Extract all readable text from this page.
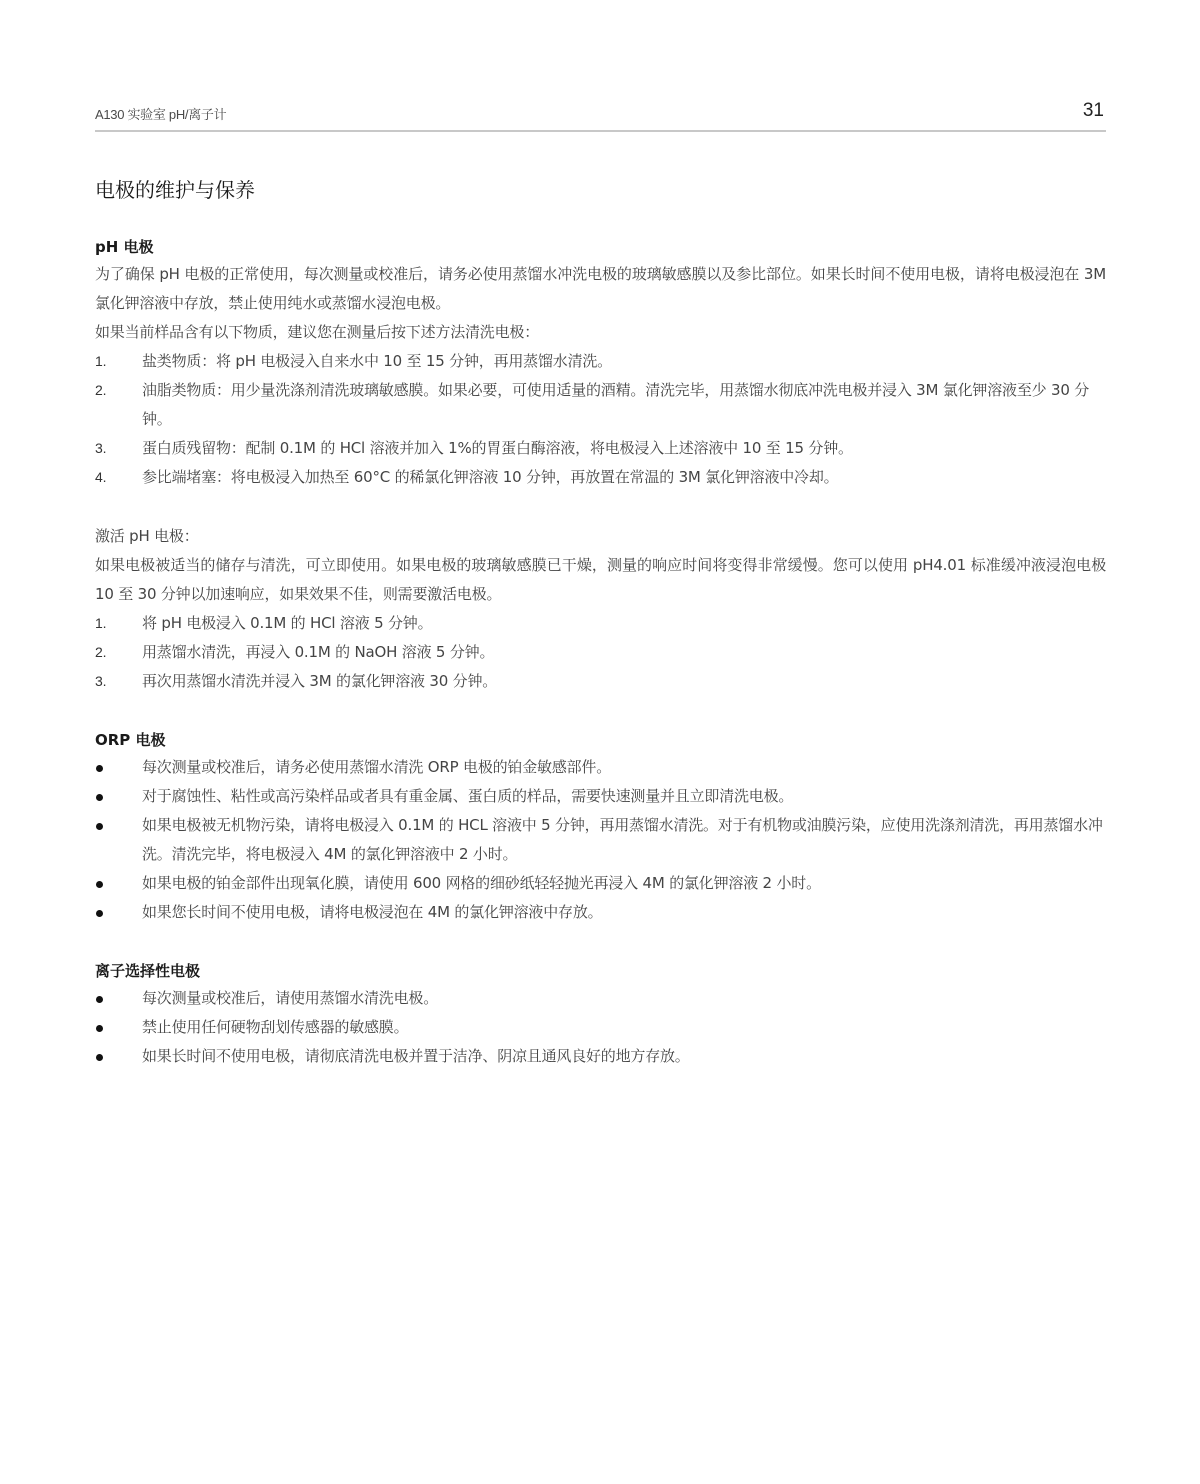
A130 实验室 pH/离子计	31
电极的维护与保养
pH 电极

为了确保 pH 电极的正常使用，每次测量或校准后，请务必使用蒸馏水冲洗电极的玻璃敏感膜以及参比部位。如果长时间不使用电极，请将电极浸泡在 3M 氯化钾溶液中存放，禁止使用纯水或蒸馏水浸泡电极。

如果当前样品含有以下物质，建议您在测量后按下述方法清洗电极：

1.	盐类物质：将 pH 电极浸入自来水中 10 至 15 分钟，再用蒸馏水清洗。
2.	油脂类物质：用少量洗涤剂清洗玻璃敏感膜。如果必要，可使用适量的酒精。清洗完毕，用蒸馏水彻底冲洗电极并浸入 3M 氯化钾溶液至少 30 分钟。
3.	蛋白质残留物：配制 0.1M 的 HCl 溶液并加入 1%的胃蛋白酶溶液，将电极浸入上述溶液中 10 至 15 分钟。
4.	参比端堵塞：将电极浸入加热至 60°C 的稀氯化钾溶液 10 分钟，再放置在常温的 3M 氯化钾溶液中冷却。

激活 pH 电极：

如果电极被适当的储存与清洗，可立即使用。如果电极的玻璃敏感膜已干燥，测量的响应时间将变得非常缓慢。您可以使用 pH4.01 标准缓冲液浸泡电极 10 至 30 分钟以加速响应，如果效果不佳，则需要激活电极。

1.	将 pH 电极浸入 0.1M 的 HCl 溶液 5 分钟。
2.	用蒸馏水清洗，再浸入 0.1M 的 NaOH 溶液 5 分钟。
3.	再次用蒸馏水清洗并浸入 3M 的氯化钾溶液 30 分钟。
ORP 电极
每次测量或校准后，请务必使用蒸馏水清洗 ORP 电极的铂金敏感部件。
对于腐蚀性、粘性或高污染样品或者具有重金属、蛋白质的样品，需要快速测量并且立即清洗电极。
如果电极被无机物污染，请将电极浸入 0.1M 的 HCL 溶液中 5 分钟，再用蒸馏水清洗。对于有机物或油膜污染，应使用洗涤剂清洗，再用蒸馏水冲洗。清洗完毕，将电极浸入 4M 的氯化钾溶液中 2 小时。
如果电极的铂金部件出现氧化膜，请使用 600 网格的细砂纸轻轻抛光再浸入 4M 的氯化钾溶液 2 小时。
如果您长时间不使用电极，请将电极浸泡在 4M 的氯化钾溶液中存放。
离子选择性电极
每次测量或校准后，请使用蒸馏水清洗电极。
禁止使用任何硬物刮划传感器的敏感膜。
如果长时间不使用电极，请彻底清洗电极并置于洁净、阴凉且通风良好的地方存放。
